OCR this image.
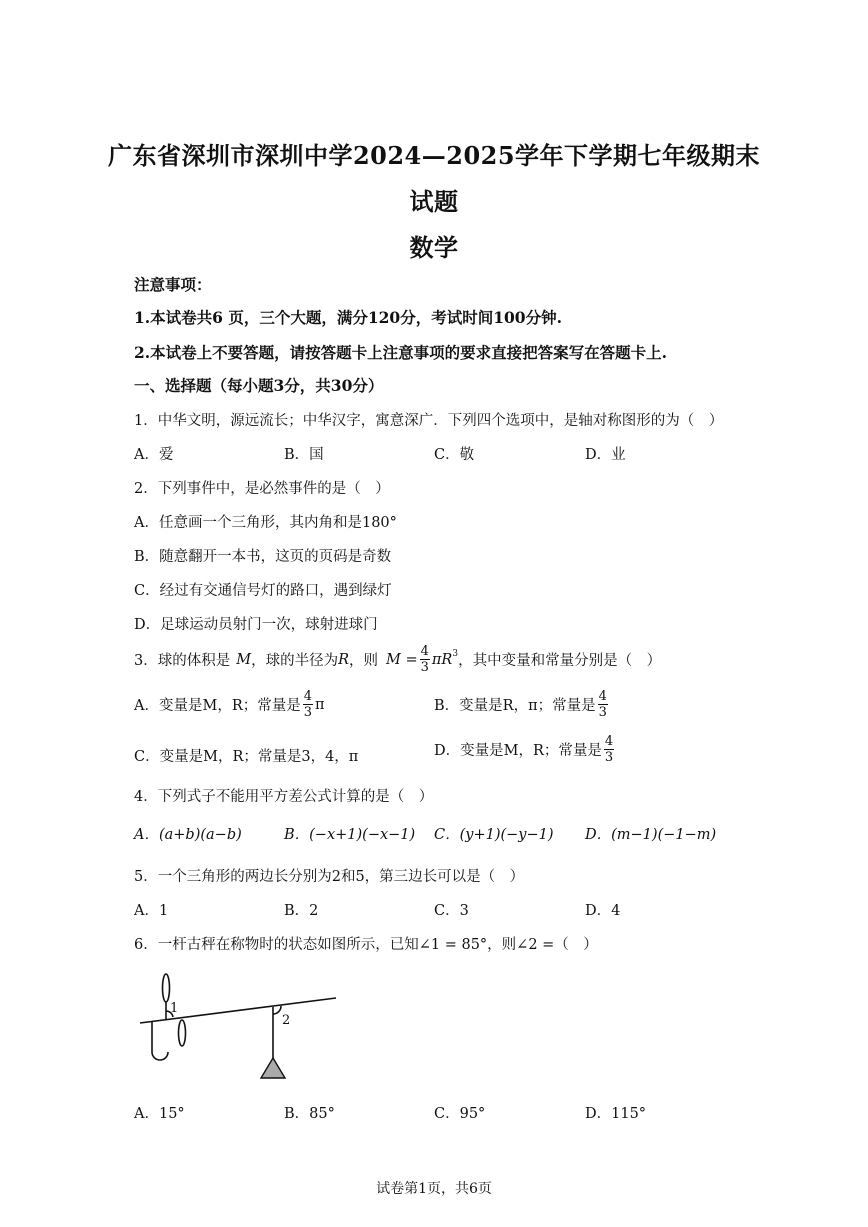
广东省深圳市深圳中学2024—2025学年下学期七年级期末
试题
数学
注意事项：
1.本试卷共6 页，三个大题，满分120分，考试时间100分钟.
2.本试卷上不要答题，请按答题卡上注意事项的要求直接把答案写在答题卡上.
一、选择题（每小题3分，共30分）
1．中华文明，源远流长；中华汉字，寓意深广．下列四个选项中，是轴对称图形的为（　）
A．爱	B．国	C．敬	D．业
2．下列事件中，是必然事件的是（　）
A．任意画一个三角形，其内角和是180°
B．随意翻开一本书，这页的页码是奇数
C．经过有交通信号灯的路口，遇到绿灯
D．足球运动员射门一次，球射进球门
3．球的体积是 M ，球的半径为 R ，则 $M = \frac{4}{3} \pi R^3$ ，其中变量和常量分别是（　）
A．变量是M，R；常量是 $\frac{4}{3}$ π	B．变量是R，π；常量是 $\frac{4}{3}$
C．变量是M，R；常量是3，4，π	D．变量是M，R；常量是 $\frac{4}{3}$
4．下列式子不能用平方差公式计算的是（　）
A．(a+b)(a−b)	B．(−x+1)(−x−1) C．(y+1)(−y−1) D．(m−1)(−1−m)
5．一个三角形的两边长分别为2和5，第三边长可以是（　）
A．1	B．2	C．3	D．4
6．一杆古秤在称物时的状态如图所示，已知∠1 = 85°，则∠2 =（　）
1
2
A．15°	B．85°	C．95°	D．115°
试卷第1页，共6页
